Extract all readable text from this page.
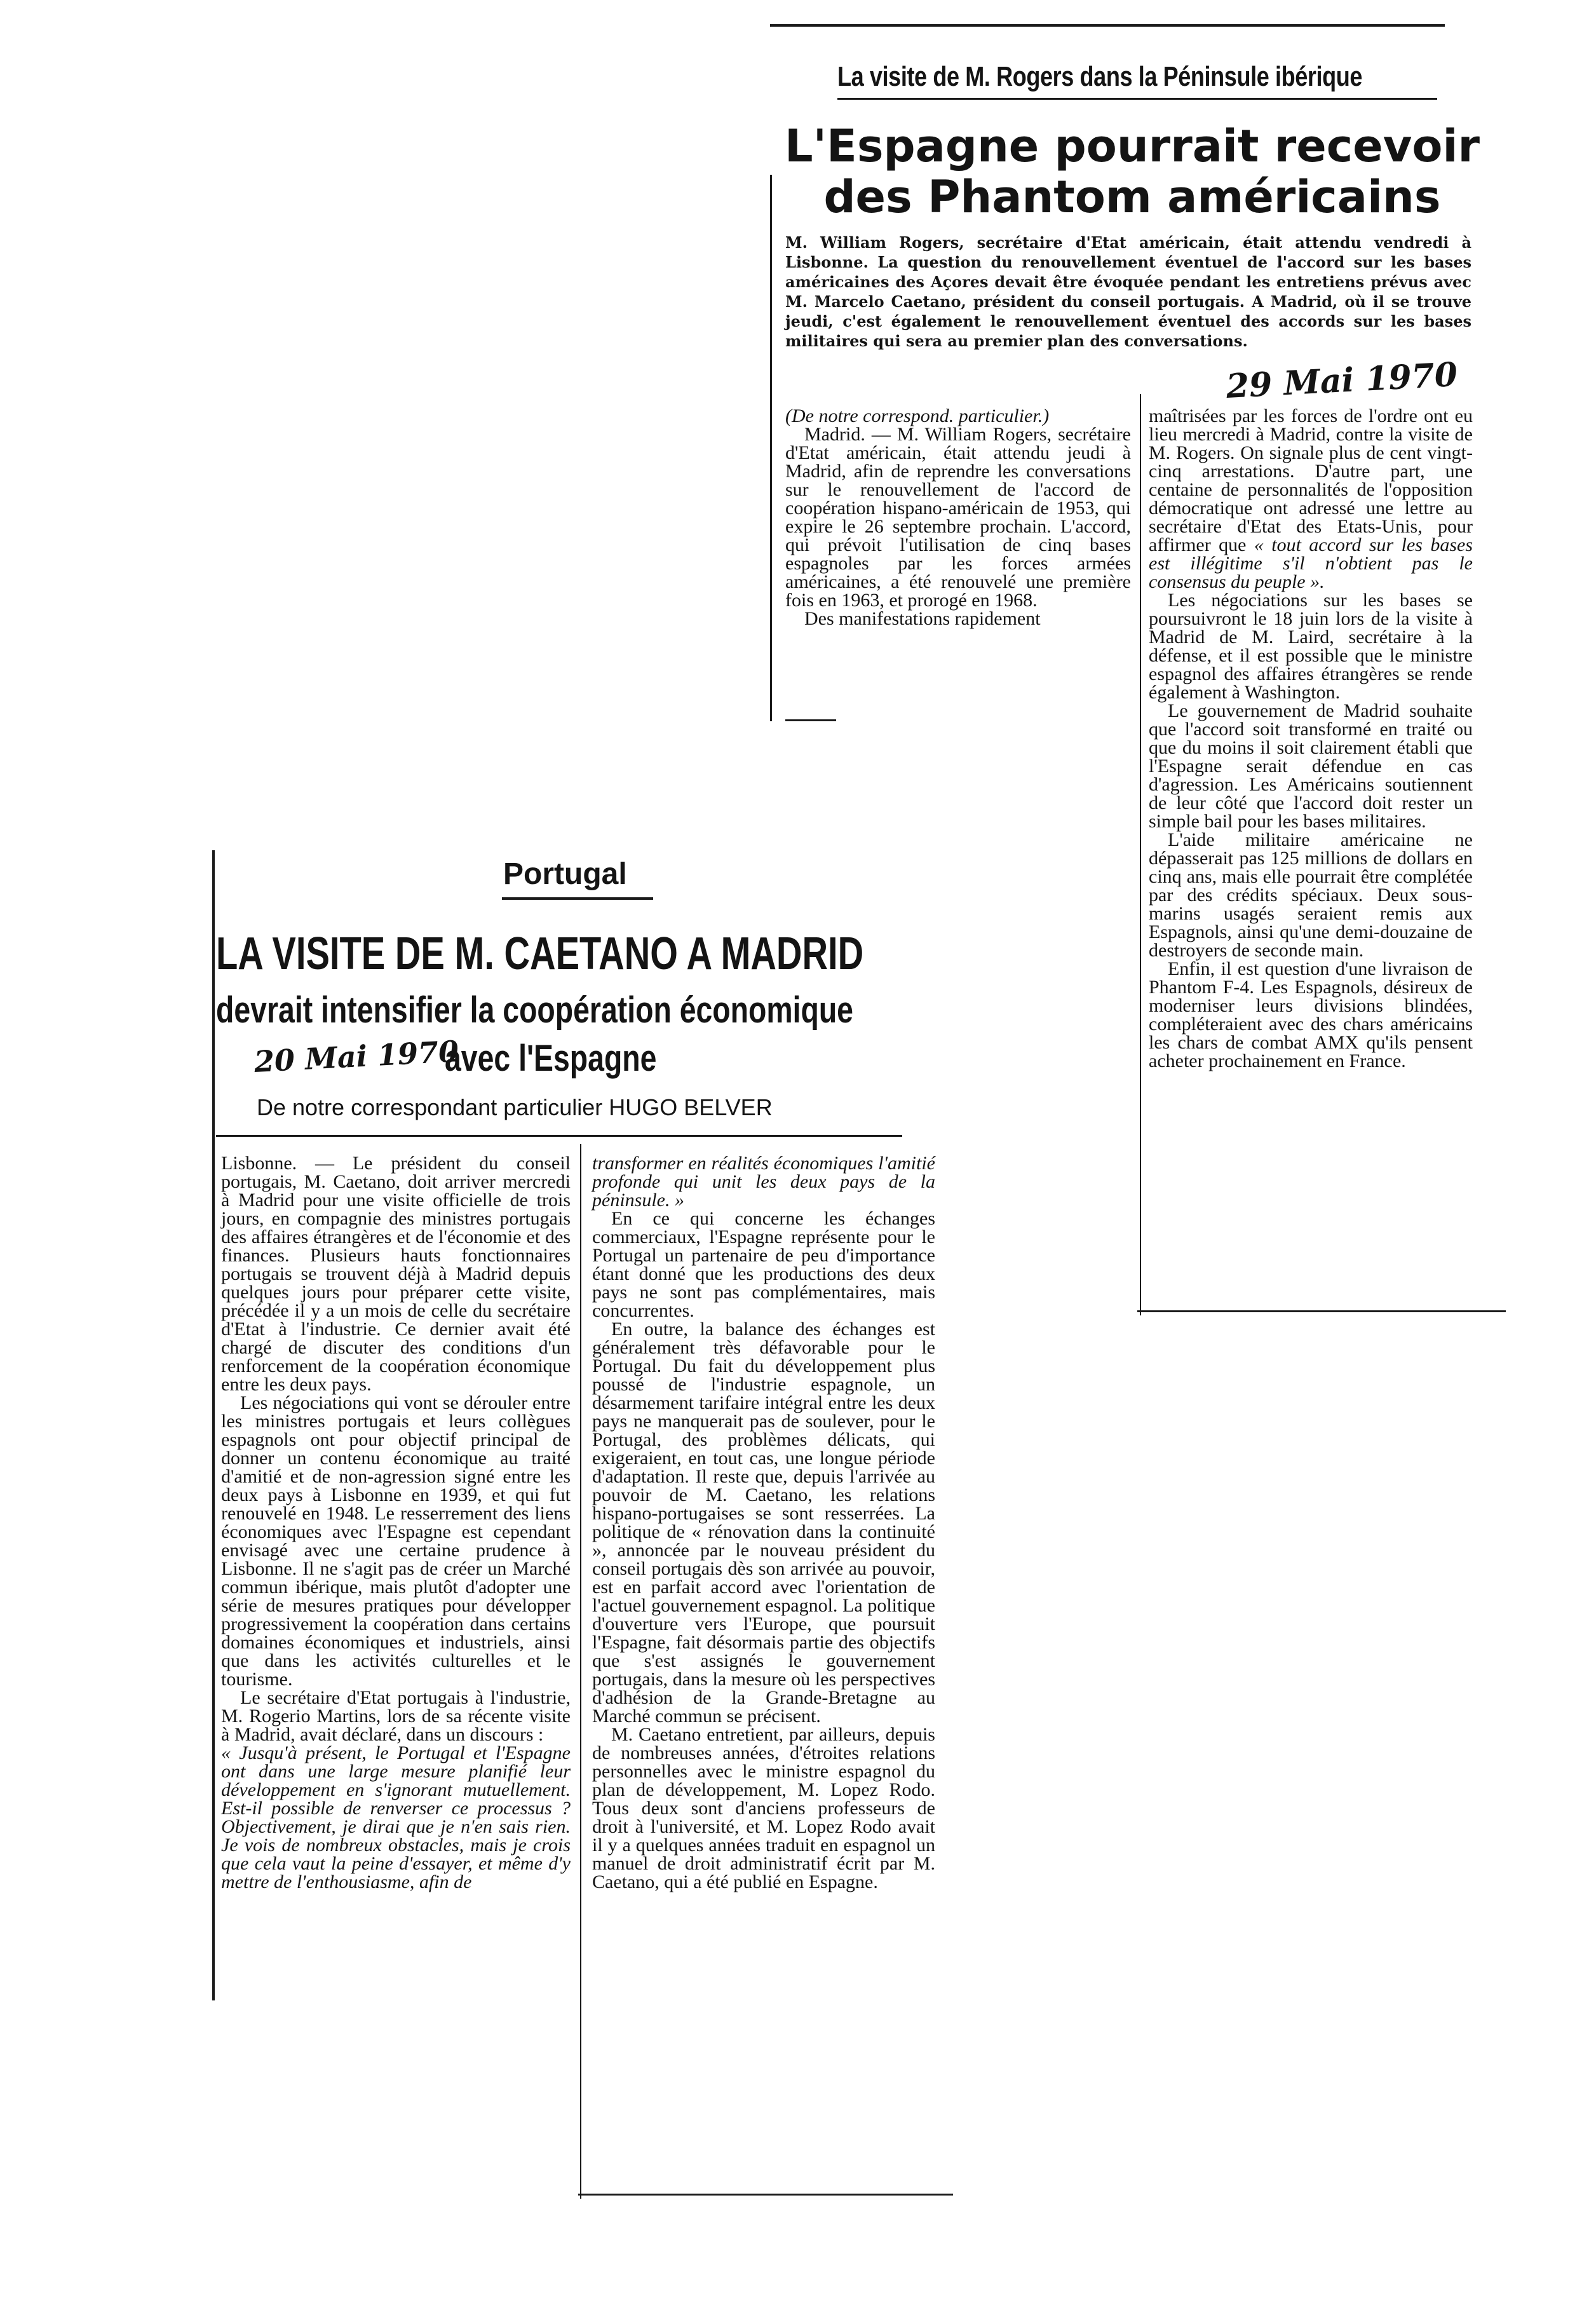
La visite de M. Rogers dans la Péninsule ibérique
L'Espagne pourrait recevoir
des Phantom américains
M. William Rogers, secrétaire d'Etat américain, était attendu vendredi à Lisbonne. La question du renouvellement éventuel de l'accord sur les bases américaines des Açores devait être évoquée pendant les entretiens prévus avec M. Marcelo Caetano, président du conseil portugais. A Madrid, où il se trouve jeudi, c'est également le renouvellement éventuel des accords sur les bases militaires qui sera au premier plan des conversations.
29 Mai 1970

(De notre correspond. particulier.)

Madrid. — M. William Rogers, secrétaire d'Etat américain, était attendu jeudi à Madrid, afin de reprendre les conversations sur le renouvellement de l'accord de coopération hispano-américain de 1953, qui expire le 26 septembre prochain. L'accord, qui prévoit l'utilisation de cinq bases espagnoles par les forces armées américaines, a été renouvelé une première fois en 1963, et prorogé en 1968.

Des manifestations rapidement

maîtrisées par les forces de l'ordre ont eu lieu mercredi à Madrid, contre la visite de M. Rogers. On signale plus de cent vingt-cinq arrestations. D'autre part, une centaine de personnalités de l'opposition démocratique ont adressé une lettre au secrétaire d'Etat des Etats-Unis, pour affirmer que « tout accord sur les bases est illégitime s'il n'obtient pas le consensus du peuple ».

Les négociations sur les bases se poursuivront le 18 juin lors de la visite à Madrid de M. Laird, secrétaire à la défense, et il est possible que le ministre espagnol des affaires étrangères se rende également à Washington.

Le gouvernement de Madrid souhaite que l'accord soit transformé en traité ou que du moins il soit clairement établi que l'Espagne serait défendue en cas d'agression. Les Américains soutiennent de leur côté que l'accord doit rester un simple bail pour les bases militaires.

L'aide militaire américaine ne dépasserait pas 125 millions de dollars en cinq ans, mais elle pourrait être complétée par des crédits spéciaux. Deux sous-marins usagés seraient remis aux Espagnols, ainsi qu'une demi-douzaine de destroyers de seconde main.

Enfin, il est question d'une livraison de Phantom F-4. Les Espagnols, désireux de moderniser leurs divisions blindées, compléteraient avec des chars américains les chars de combat AMX qu'ils pensent acheter prochainement en France.

Portugal
LA VISITE DE M. CAETANO A MADRID
devrait intensifier la coopération économique
20 Mai 1970
avec l'Espagne
De notre correspondant particulier HUGO BELVER

Lisbonne. — Le président du conseil portugais, M. Caetano, doit arriver mercredi à Madrid pour une visite officielle de trois jours, en compagnie des ministres portugais des affaires étrangères et de l'économie et des finances. Plusieurs hauts fonctionnaires portugais se trouvent déjà à Madrid depuis quelques jours pour préparer cette visite, précédée il y a un mois de celle du secrétaire d'Etat à l'industrie. Ce dernier avait été chargé de discuter des conditions d'un renforcement de la coopération économique entre les deux pays.

Les négociations qui vont se dérouler entre les ministres portugais et leurs collègues espagnols ont pour objectif principal de donner un contenu économique au traité d'amitié et de non-agression signé entre les deux pays à Lisbonne en 1939, et qui fut renouvelé en 1948. Le resserrement des liens économiques avec l'Espagne est cependant envisagé avec une certaine prudence à Lisbonne. Il ne s'agit pas de créer un Marché commun ibérique, mais plutôt d'adopter une série de mesures pratiques pour développer progressivement la coopération dans certains domaines économiques et industriels, ainsi que dans les activités culturelles et le tourisme.

Le secrétaire d'Etat portugais à l'industrie, M. Rogerio Martins, lors de sa récente visite à Madrid, avait déclaré, dans un discours :

« Jusqu'à présent, le Portugal et l'Espagne ont dans une large mesure planifié leur développement en s'ignorant mutuellement. Est-il possible de renverser ce processus ? Objectivement, je dirai que je n'en sais rien. Je vois de nombreux obstacles, mais je crois que cela vaut la peine d'essayer, et même d'y mettre de l'enthousiasme, afin de

transformer en réalités économiques l'amitié profonde qui unit les deux pays de la péninsule. »

En ce qui concerne les échanges commerciaux, l'Espagne représente pour le Portugal un partenaire de peu d'importance étant donné que les productions des deux pays ne sont pas complémentaires, mais concurrentes.

En outre, la balance des échanges est généralement très défavorable pour le Portugal. Du fait du développement plus poussé de l'industrie espagnole, un désarmement tarifaire intégral entre les deux pays ne manquerait pas de soulever, pour le Portugal, des problèmes délicats, qui exigeraient, en tout cas, une longue période d'adaptation. Il reste que, depuis l'arrivée au pouvoir de M. Caetano, les relations hispano-portugaises se sont resserrées. La politique de « rénovation dans la continuité », annoncée par le nouveau président du conseil portugais dès son arrivée au pouvoir, est en parfait accord avec l'orientation de l'actuel gouvernement espagnol. La politique d'ouverture vers l'Europe, que poursuit l'Espagne, fait désormais partie des objectifs que s'est assignés le gouvernement portugais, dans la mesure où les perspectives d'adhésion de la Grande-Bretagne au Marché commun se précisent.

M. Caetano entretient, par ailleurs, depuis de nombreuses années, d'étroites relations personnelles avec le ministre espagnol du plan de développement, M. Lopez Rodo. Tous deux sont d'anciens professeurs de droit à l'université, et M. Lopez Rodo avait il y a quelques années traduit en espagnol un manuel de droit administratif écrit par M. Caetano, qui a été publié en Espagne.
